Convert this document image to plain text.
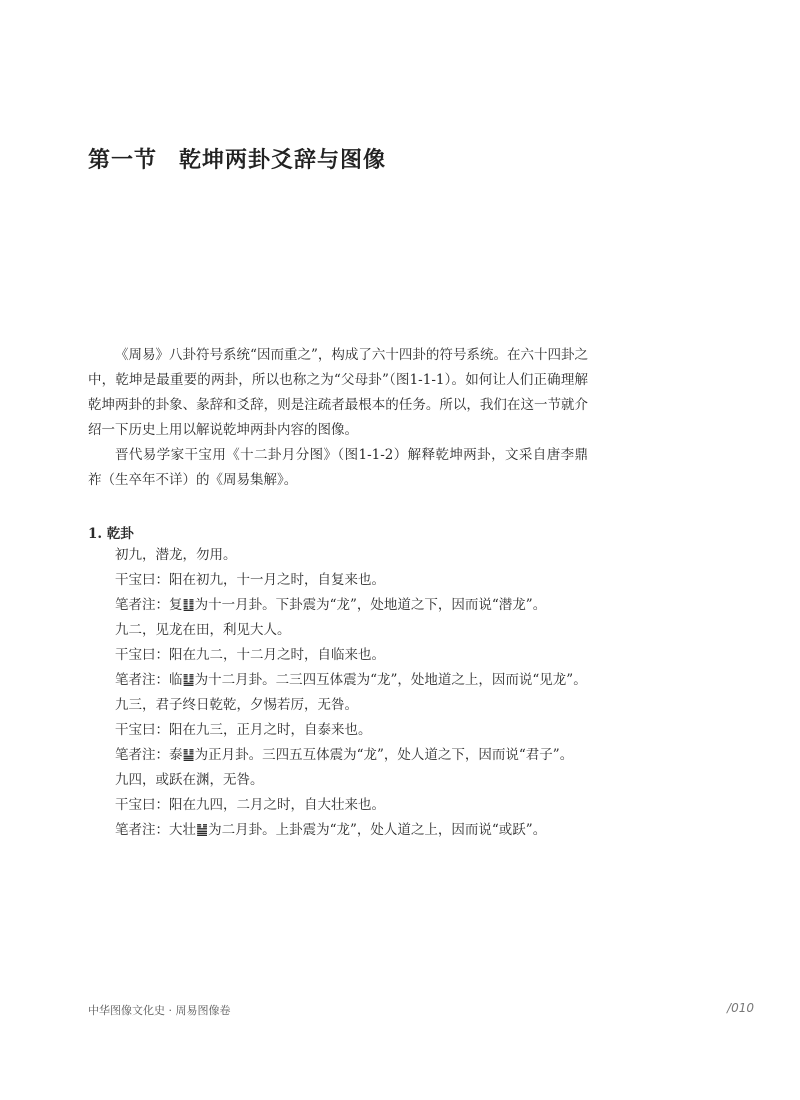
第一节 乾坤两卦爻辞与图像

《周易》八卦符号系统“因而重之”，构成了六十四卦的符号系统。在六十四卦之中，乾坤是最重要的两卦，所以也称之为“父母卦”（图1-1-1）。如何让人们正确理解乾坤两卦的卦象、彖辞和爻辞，则是注疏者最根本的任务。所以，我们在这一节就介绍一下历史上用以解说乾坤两卦内容的图像。

晋代易学家干宝用《十二卦月分图》（图1-1-2）解释乾坤两卦，文采自唐李鼎祚（生卒年不详）的《周易集解》。

1. 乾卦

初九，潜龙，勿用。

干宝曰：阳在初九，十一月之时，自复来也。

笔者注：复䷗为十一月卦。下卦震为“龙”，处地道之下，因而说“潜龙”。

九二，见龙在田，利见大人。

干宝曰：阳在九二，十二月之时，自临来也。

笔者注：临䷒为十二月卦。二三四互体震为“龙”，处地道之上，因而说“见龙”。

九三，君子终日乾乾，夕惕若厉，无咎。

干宝曰：阳在九三，正月之时，自泰来也。

笔者注：泰䷊为正月卦。三四五互体震为“龙”，处人道之下，因而说“君子”。

九四，或跃在渊，无咎。

干宝曰：阳在九四，二月之时，自大壮来也。

笔者注：大壮䷡为二月卦。上卦震为“龙”，处人道之上，因而说“或跃”。

中华图像文化史 · 周易图像卷	/010
